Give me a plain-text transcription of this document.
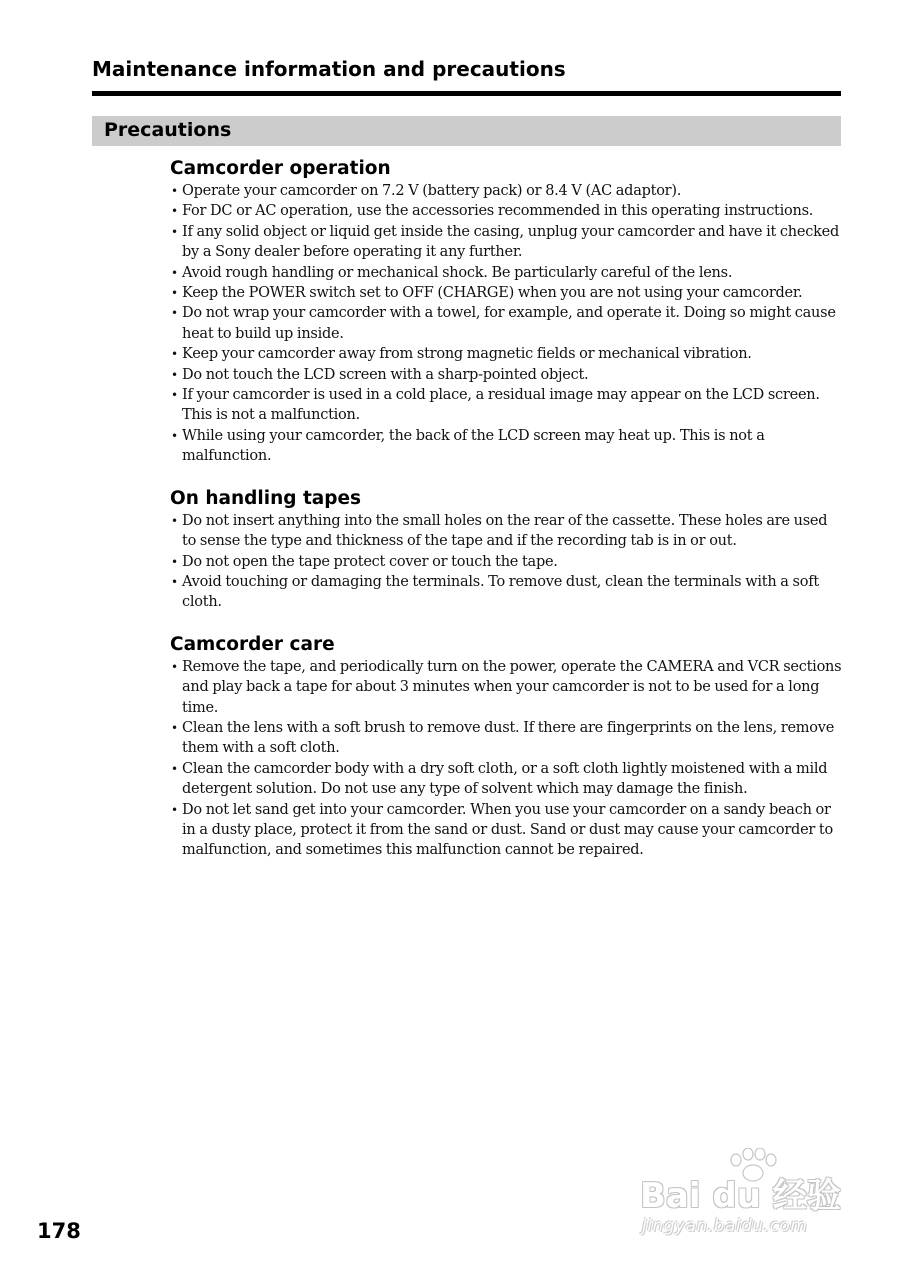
Maintenance information and precautions
Precautions
Camcorder operation
• Operate your camcorder on 7.2 V (battery pack) or 8.4 V (AC adaptor).
• For DC or AC operation, use the accessories recommended in this operating instructions.
• If any solid object or liquid get inside the casing, unplug your camcorder and have it checked by a Sony dealer before operating it any further.
• Avoid rough handling or mechanical shock. Be particularly careful of the lens.
• Keep the POWER switch set to OFF (CHARGE) when you are not using your camcorder.
• Do not wrap your camcorder with a towel, for example, and operate it. Doing so might cause heat to build up inside.
• Keep your camcorder away from strong magnetic fields or mechanical vibration.
• Do not touch the LCD screen with a sharp-pointed object.
• If your camcorder is used in a cold place, a residual image may appear on the LCD screen. This is not a malfunction.
• While using your camcorder, the back of the LCD screen may heat up. This is not a malfunction.
On handling tapes
• Do not insert anything into the small holes on the rear of the cassette. These holes are used to sense the type and thickness of the tape and if the recording tab is in or out.
• Do not open the tape protect cover or touch the tape.
• Avoid touching or damaging the terminals. To remove dust, clean the terminals with a soft cloth.
Camcorder care
• Remove the tape, and periodically turn on the power, operate the CAMERA and VCR sections and play back a tape for about 3 minutes when your camcorder is not to be used for a long time.
• Clean the lens with a soft brush to remove dust. If there are fingerprints on the lens, remove them with a soft cloth.
• Clean the camcorder body with a dry soft cloth, or a soft cloth lightly moistened with a mild detergent solution. Do not use any type of solvent which may damage the finish.
• Do not let sand get into your camcorder. When you use your camcorder on a sandy beach or in a dusty place, protect it from the sand or dust. Sand or dust may cause your camcorder to malfunction, and sometimes this malfunction cannot be repaired.
178
Bai du 经验
jingyan.baidu.com
